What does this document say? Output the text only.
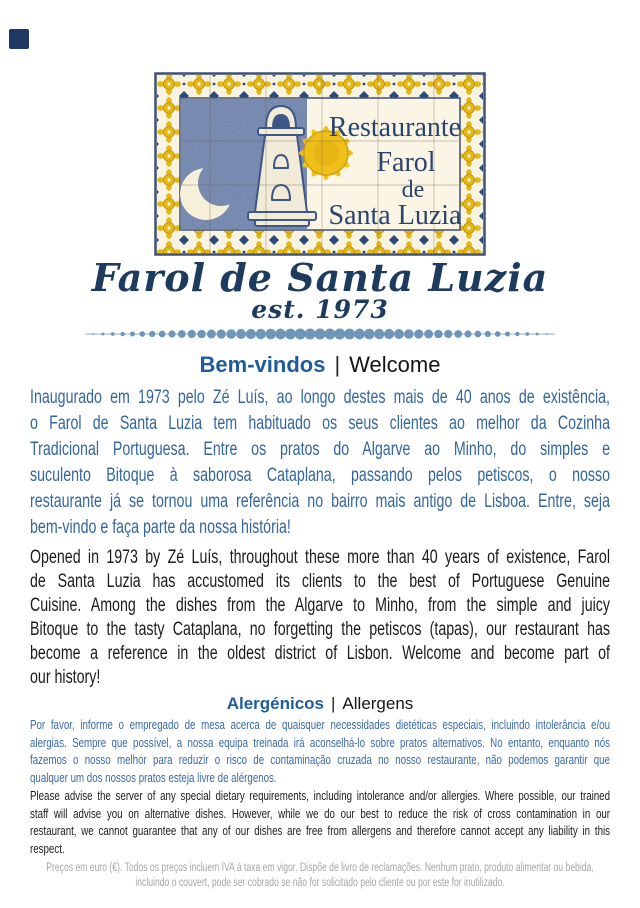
Restaurante
Farol
de
Santa Luzia
Farol de Santa Luzia
est. 1973
Bem-vindos | Welcome
Inaugurado em 1973 pelo Zé Luís, ao longo destes mais de 40 anos de existência,
o Farol de Santa Luzia tem habituado os seus clientes ao melhor da Cozinha
Tradicional Portuguesa. Entre os pratos do Algarve ao Minho, do simples e
suculento Bitoque à saborosa Cataplana, passando pelos petiscos, o nosso
restaurante já se tornou uma referência no bairro mais antigo de Lisboa. Entre, seja
bem-vindo e faça parte da nossa história!
Opened in 1973 by Zé Luís, throughout these more than 40 years of existence, Farol
de Santa Luzia has accustomed its clients to the best of Portuguese Genuine
Cuisine. Among the dishes from the Algarve to Minho, from the simple and juicy
Bitoque to the tasty Cataplana, no forgetting the petiscos (tapas), our restaurant has
become a reference in the oldest district of Lisbon. Welcome and become part of
our history!
Alergénicos | Allergens
Por favor, informe o empregado de mesa acerca de quaisquer necessidades dietéticas especiais, incluindo intolerância e/ou
alergias. Sempre que possível, a nossa equipa treinada irá aconselhá-lo sobre pratos alternativos. No entanto, enquanto nós
fazemos o nosso melhor para reduzir o risco de contaminação cruzada no nosso restaurante, não podemos garantir que
qualquer um dos nossos pratos esteja livre de alérgenos.
Please advise the server of any special dietary requirements, including intolerance and/or allergies. Where possible, our trained
staff will advise you on alternative dishes. However, while we do our best to reduce the risk of cross contamination in our
restaurant, we cannot guarantee that any of our dishes are free from allergens and therefore cannot accept any liability in this
respect.
Preços em euro (€). Todos os preços incluem IVA à taxa em vigor. Dispõe de livro de reclamações. Nenhum prato, produto alimentar ou bebida,
incluindo o couvert, pode ser cobrado se não for solicitado pelo cliente ou por este for inutilizado.
